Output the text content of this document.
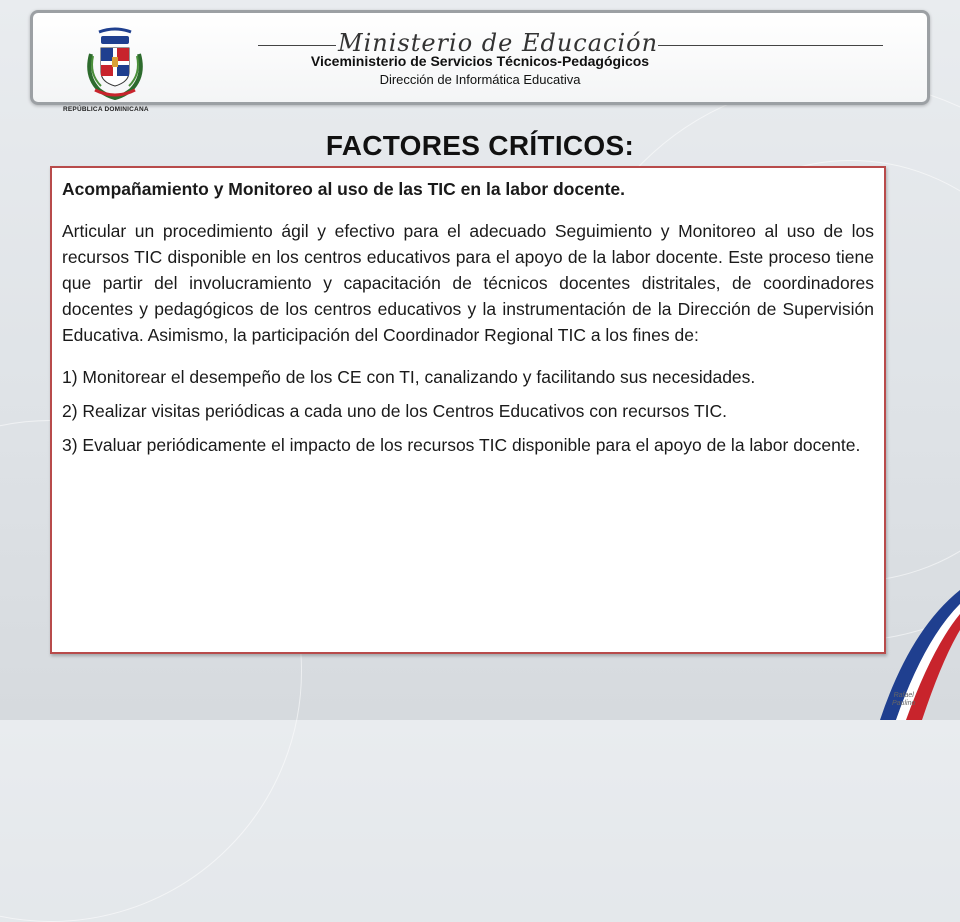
REPÚBLICA DOMINICANA
Ministerio de Educación
Viceministerio de Servicios Técnicos-Pedagógicos
Dirección de Informática Educativa
FACTORES CRÍTICOS:

Acompañamiento y Monitoreo al uso de las TIC en la labor docente.

Articular un procedimiento ágil y efectivo para el adecuado Seguimiento y Monitoreo al uso de los recursos TIC disponible en los centros educativos para el apoyo de la labor docente. Este proceso tiene que partir del involucramiento y capacitación de técnicos docentes distritales, de coordinadores docentes y pedagógicos de los centros educativos y la instrumentación de la Dirección de Supervisión Educativa. Asimismo, la participación del Coordinador Regional TIC a los fines de:

1) Monitorear el desempeño de los CE con TI, canalizando y facilitando sus necesidades.

2) Realizar visitas periódicas a cada uno de los Centros Educativos con recursos TIC.

3) Evaluar periódicamente el impacto de los recursos TIC disponible para el apoyo de la labor docente.

Rafael
Paulino
